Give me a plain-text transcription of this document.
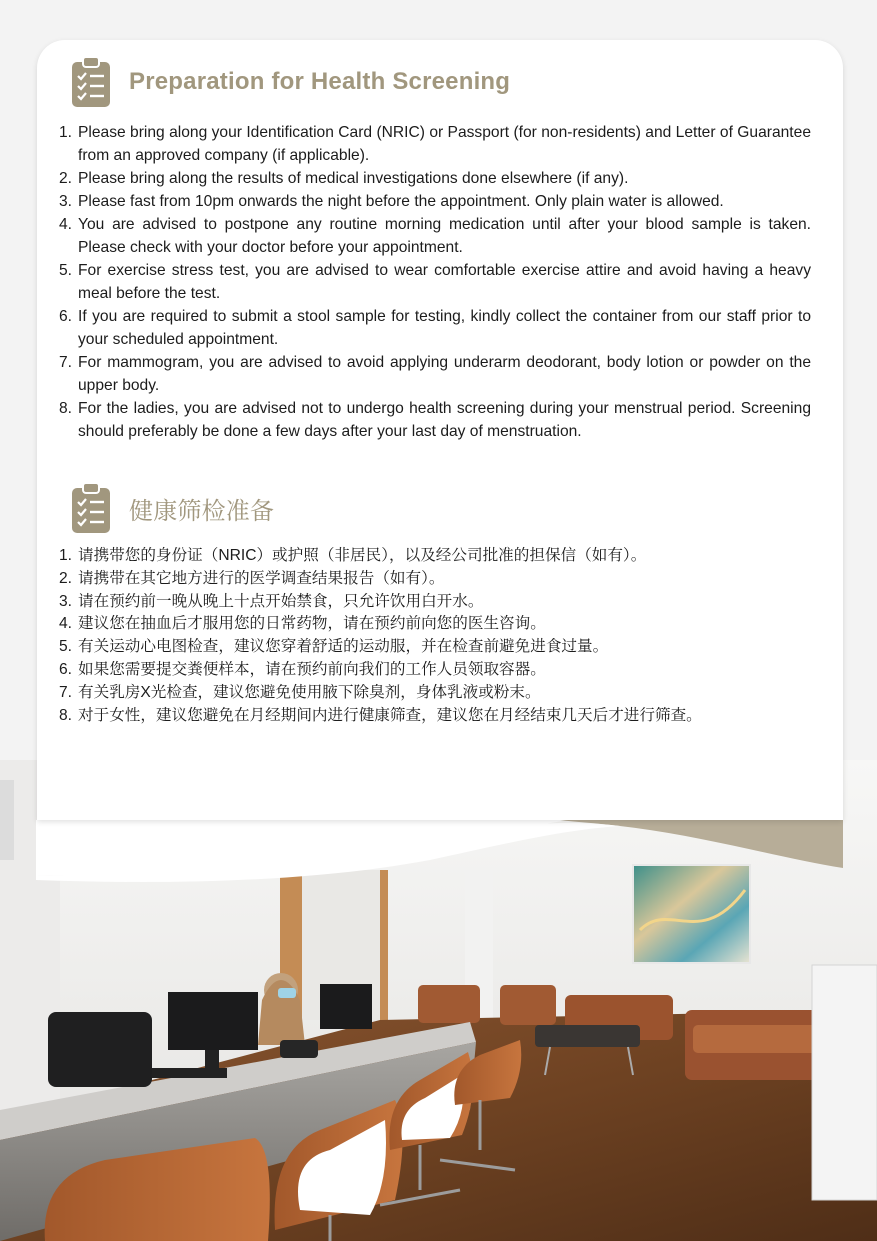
Preparation for Health Screening
1. Please bring along your Identification Card (NRIC) or Passport (for non-residents) and Letter of Guarantee from an approved company (if applicable).
2. Please bring along the results of medical investigations done elsewhere (if any).
3. Please fast from 10pm onwards the night before the appointment. Only plain water is allowed.
4. You are advised to postpone any routine morning medication until after your blood sample is taken. Please check with your doctor before your appointment.
5. For exercise stress test, you are advised to wear comfortable exercise attire and avoid having a heavy meal before the test.
6. If you are required to submit a stool sample for testing, kindly collect the container from our staff prior to your scheduled appointment.
7. For mammogram, you are advised to avoid applying underarm deodorant, body lotion or powder on the upper body.
8. For the ladies, you are advised not to undergo health screening during your menstrual period. Screening should preferably be done a few days after your last day of menstruation.
健康筛检准备
1. 请携带您的身份证（NRIC）或护照（非居民），以及经公司批准的担保信（如有）。
2. 请携带在其它地方进行的医学调查结果报告（如有）。
3. 请在预约前一晚从晚上十点开始禁食，只允许饮用白开水。
4. 建议您在抽血后才服用您的日常药物，请在预约前向您的医生咨询。
5. 有关运动心电图检查，建议您穿着舒适的运动服，并在检查前避免进食过量。
6. 如果您需要提交粪便样本，请在预约前向我们的工作人员领取容器。
7. 有关乳房X光检查，建议您避免使用腋下除臭剂，身体乳液或粉末。
8. 对于女性，建议您避免在月经期间内进行健康筛查，建议您在月经结束几天后才进行筛查。
